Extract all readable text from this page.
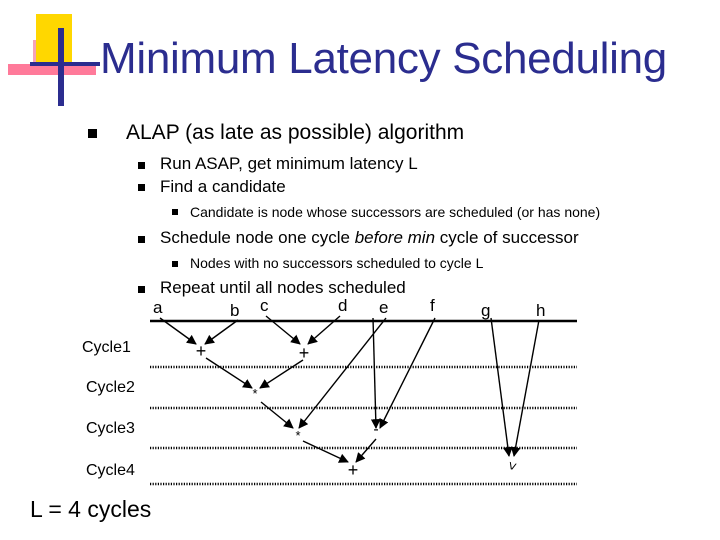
Minimum Latency Scheduling
ALAP (as late as possible) algorithm
Run ASAP, get minimum latency L
Find a candidate
Candidate is node whose successors are scheduled (or has none)
Schedule node one cycle before min cycle of successor
Nodes with no successors scheduled to cycle L
Repeat until all nodes scheduled
a	b c	d e f	g	h
Cycle1
Cycle2
Cycle3
Cycle4
+	+
*
*	-
+	<
L = 4 cycles
